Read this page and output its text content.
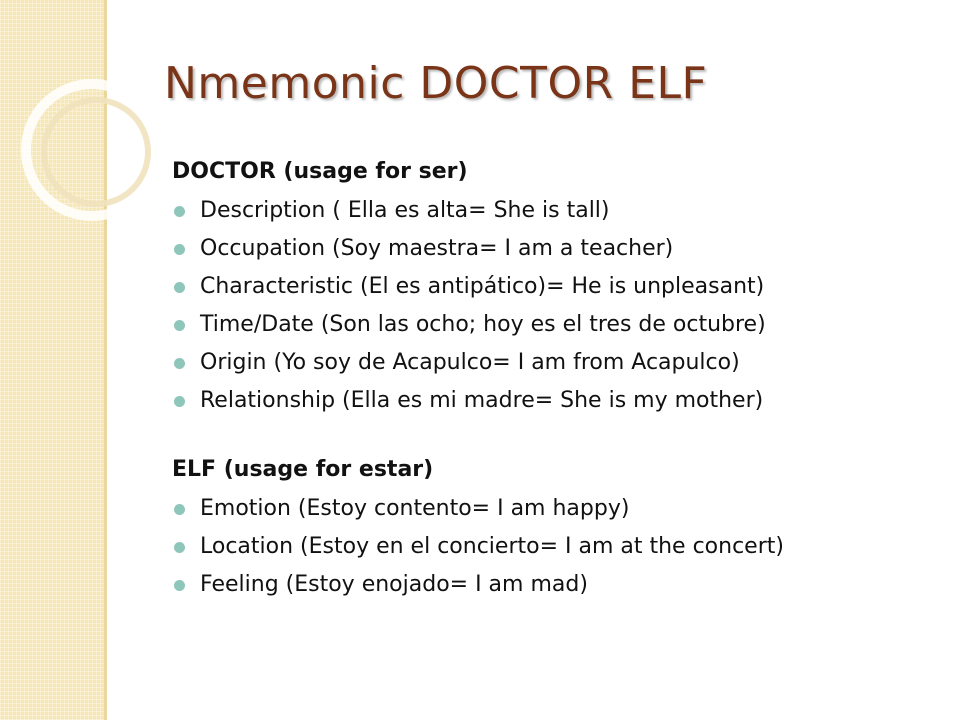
Nmemonic DOCTOR ELF
DOCTOR (usage for ser)
Description ( Ella es alta= She is tall)
Occupation (Soy maestra= I am a teacher)
Characteristic (El es antipático)= He is unpleasant)
Time/Date (Son las ocho; hoy es el tres de octubre)
Origin (Yo soy de Acapulco= I am from Acapulco)
Relationship (Ella es mi madre= She is my mother)
ELF (usage for estar)
Emotion (Estoy contento= I am happy)
Location (Estoy en el concierto= I am at the concert)
Feeling (Estoy enojado= I am mad)
